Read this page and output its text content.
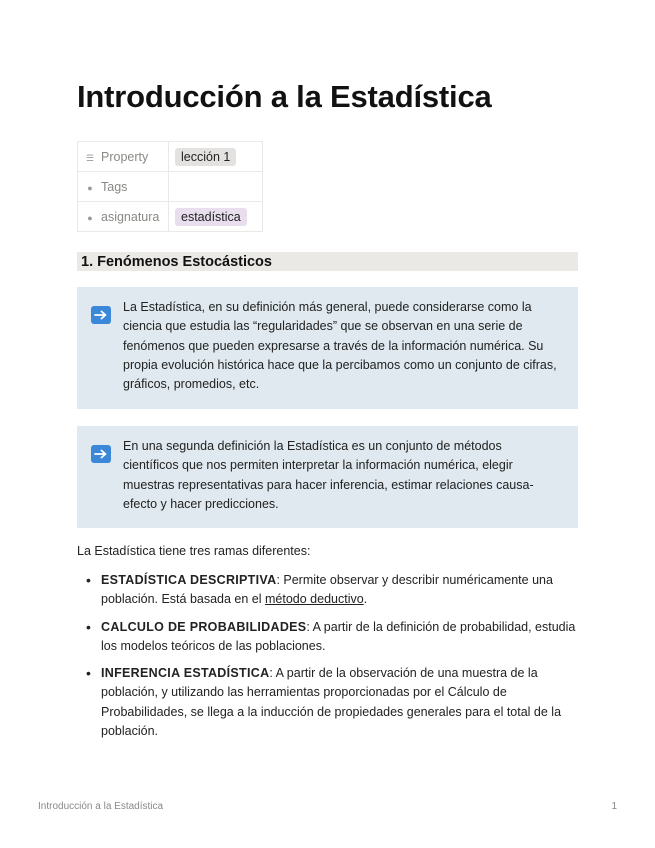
Introducción a la Estadística
☰ Property	lección 1
● Tags	
● asignatura	estadística
1. Fenómenos Estocásticos
La Estadística, en su definición más general, puede considerarse como la ciencia que estudia las “regularidades” que se observan en una serie de fenómenos que pueden expresarse a través de la información numérica. Su propia evolución histórica hace que la percibamos como un conjunto de cifras, gráficos, promedios, etc.
En una segunda definición la Estadística es un conjunto de métodos científicos que nos permiten interpretar la información numérica, elegir muestras representativas para hacer inferencia, estimar relaciones causa-efecto y hacer predicciones.

La Estadística tiene tres ramas diferentes:

• ESTADÍSTICA DESCRIPTIVA: Permite observar y describir numéricamente una población. Está basada en el método deductivo.
• CALCULO DE PROBABILIDADES: A partir de la definición de probabilidad, estudia los modelos teóricos de las poblaciones.
• INFERENCIA ESTADÍSTICA: A partir de la observación de una muestra de la población, y utilizando las herramientas proporcionadas por el Cálculo de Probabilidades, se llega a la inducción de propiedades generales para el total de la población.
Introducción a la Estadística	1
